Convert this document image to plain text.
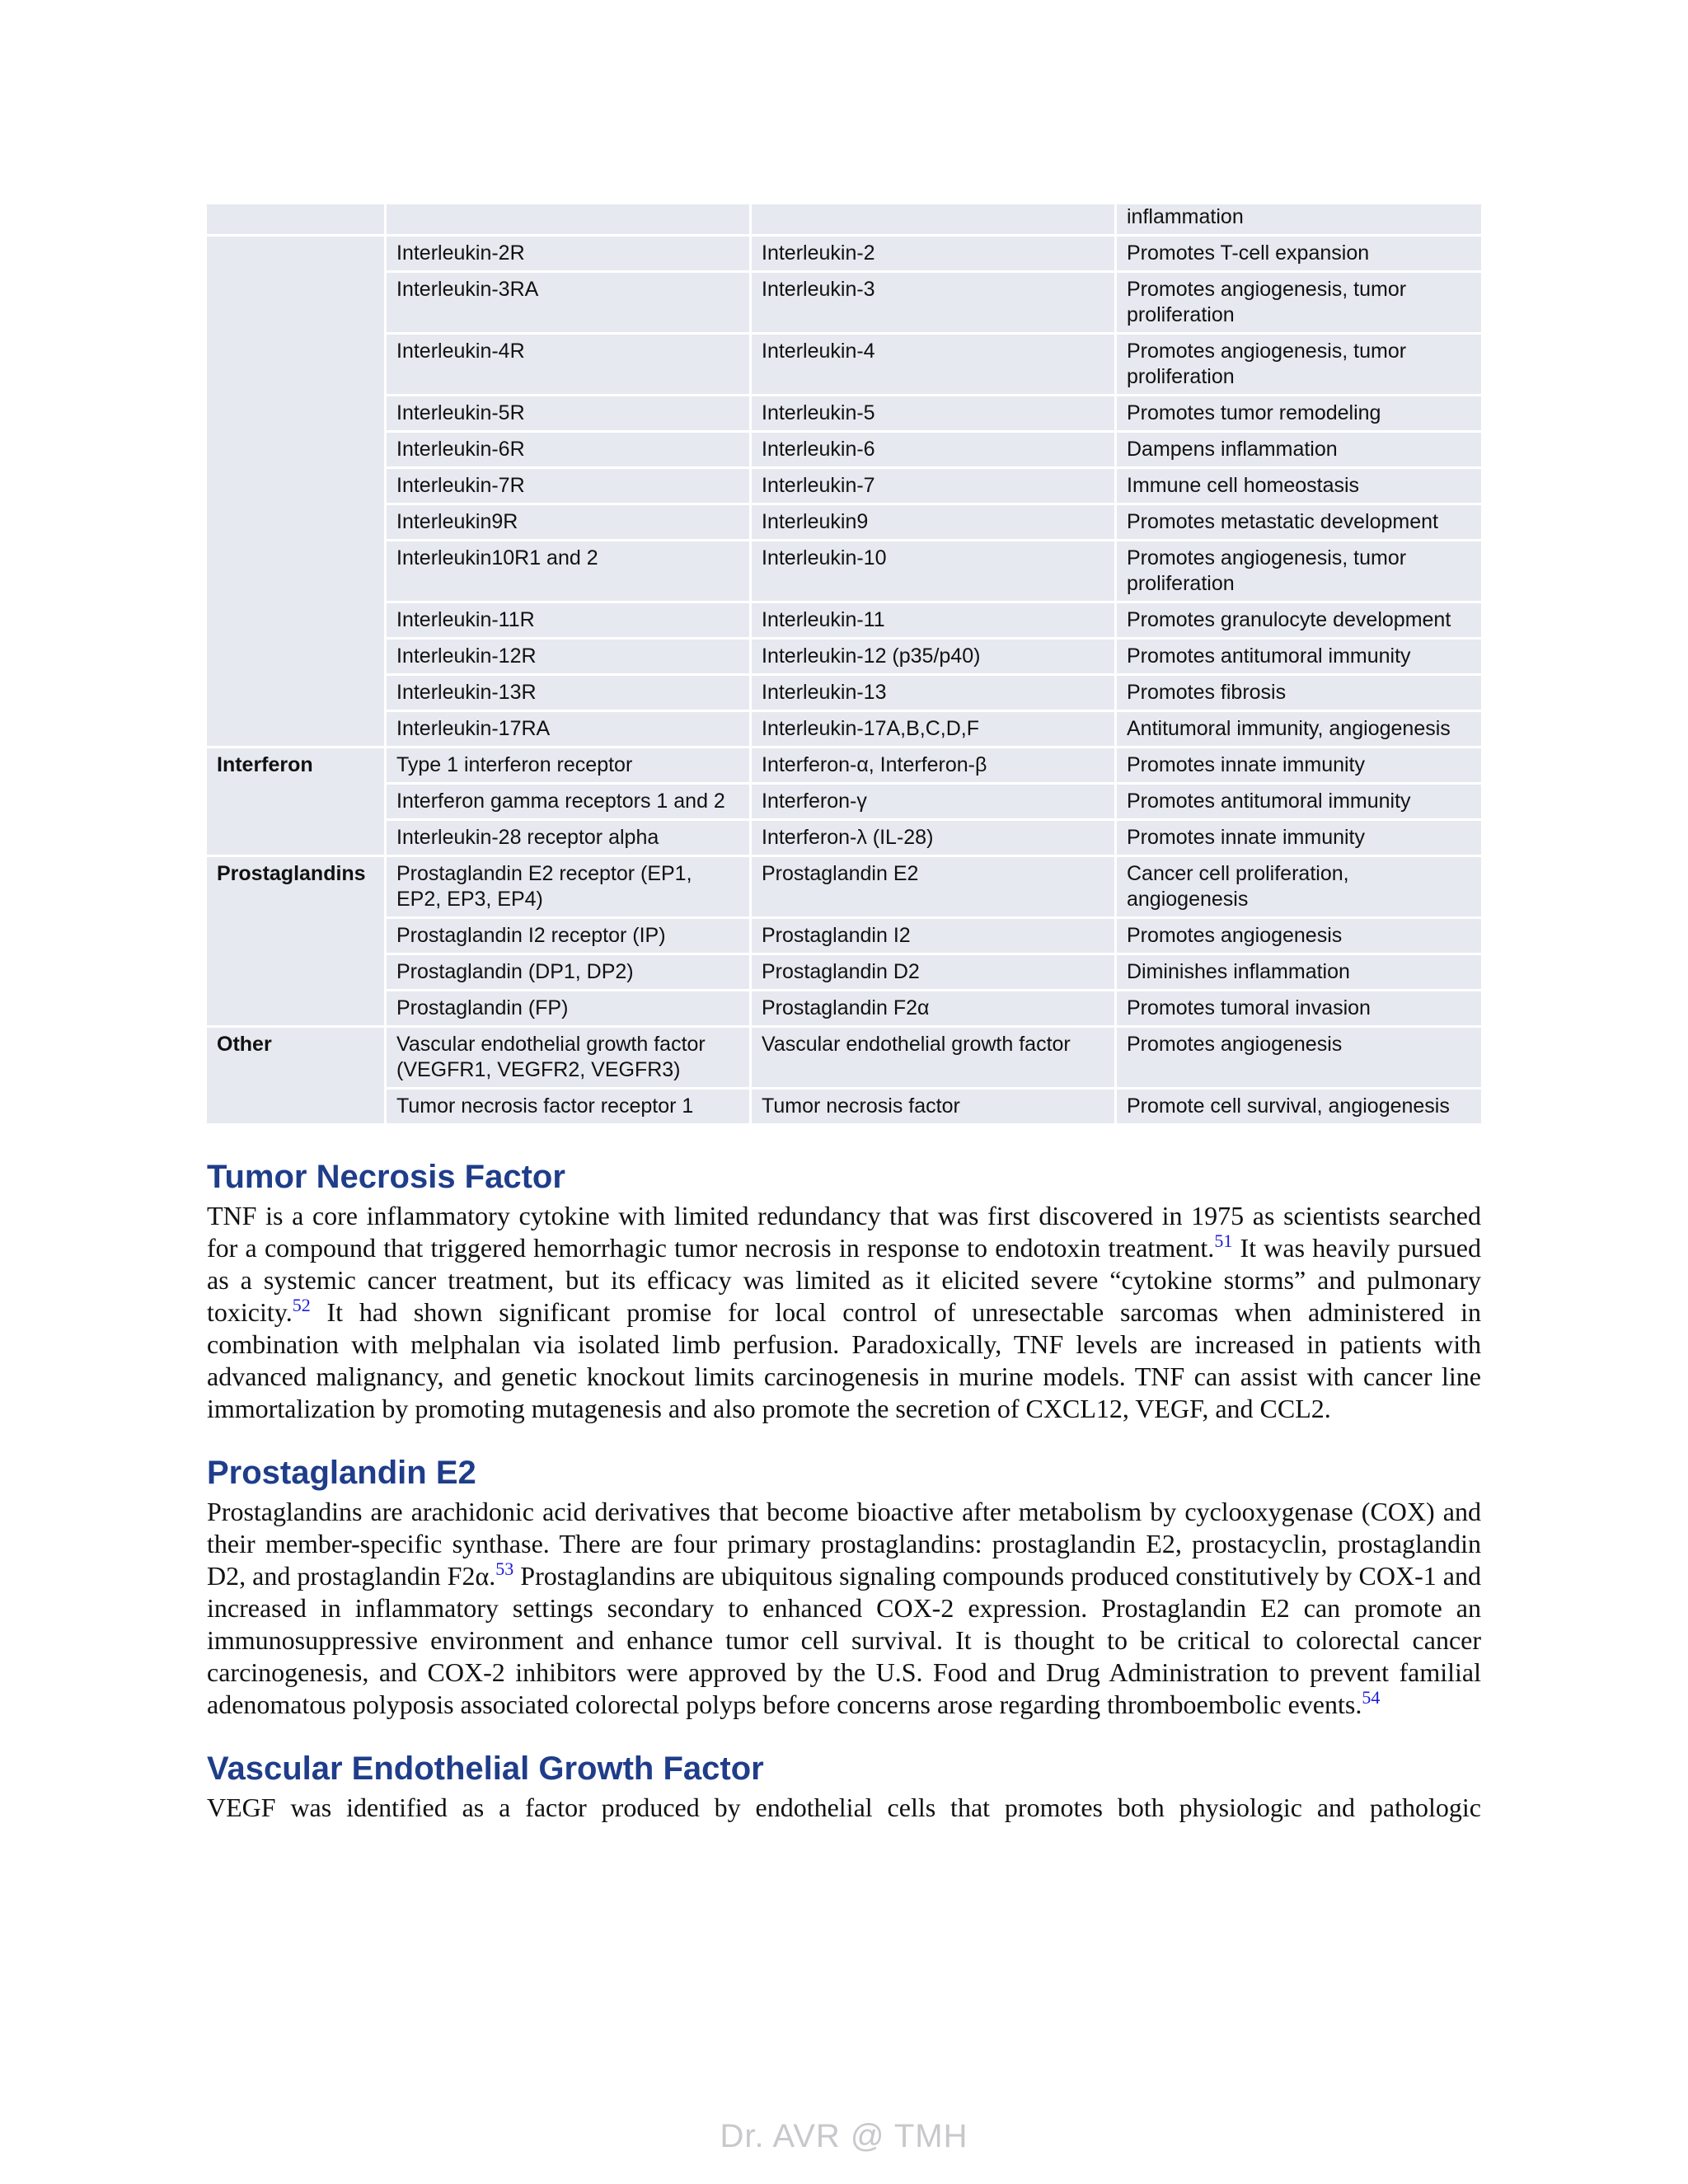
			inflammation
	Interleukin-2R	Interleukin-2	Promotes T-cell expansion
	Interleukin-3RA	Interleukin-3	Promotes angiogenesis, tumor proliferation
	Interleukin-4R	Interleukin-4	Promotes angiogenesis, tumor proliferation
	Interleukin-5R	Interleukin-5	Promotes tumor remodeling
	Interleukin-6R	Interleukin-6	Dampens inflammation
	Interleukin-7R	Interleukin-7	Immune cell homeostasis
	Interleukin9R	Interleukin9	Promotes metastatic development
	Interleukin10R1 and 2	Interleukin-10	Promotes angiogenesis, tumor proliferation
	Interleukin-11R	Interleukin-11	Promotes granulocyte development
	Interleukin-12R	Interleukin-12 (p35/p40)	Promotes antitumoral immunity
	Interleukin-13R	Interleukin-13	Promotes fibrosis
	Interleukin-17RA	Interleukin-17A,B,C,D,F	Antitumoral immunity, angiogenesis
Interferon	Type 1 interferon receptor	Interferon-α, Interferon-β	Promotes innate immunity
	Interferon gamma receptors 1 and 2	Interferon-γ	Promotes antitumoral immunity
	Interleukin-28 receptor alpha	Interferon-λ (IL-28)	Promotes innate immunity
Prostaglandins	Prostaglandin E2 receptor (EP1, EP2, EP3, EP4)	Prostaglandin E2	Cancer cell proliferation, angiogenesis
	Prostaglandin I2 receptor (IP)	Prostaglandin I2	Promotes angiogenesis
	Prostaglandin (DP1, DP2)	Prostaglandin D2	Diminishes inflammation
	Prostaglandin (FP)	Prostaglandin F2α	Promotes tumoral invasion
Other	Vascular endothelial growth factor (VEGFR1, VEGFR2, VEGFR3)	Vascular endothelial growth factor	Promotes angiogenesis
	Tumor necrosis factor receptor 1	Tumor necrosis factor	Promote cell survival, angiogenesis
Tumor Necrosis Factor

TNF is a core inflammatory cytokine with limited redundancy that was first discovered in 1975 as scientists searched for a compound that triggered hemorrhagic tumor necrosis in response to endotoxin treatment.$^{51}$ It was heavily pursued as a systemic cancer treatment, but its efficacy was limited as it elicited severe “cytokine storms” and pulmonary toxicity.$^{52}$ It had shown significant promise for local control of unresectable sarcomas when administered in combination with melphalan via isolated limb perfusion. Paradoxically, TNF levels are increased in patients with advanced malignancy, and genetic knockout limits carcinogenesis in murine models. TNF can assist with cancer line immortalization by promoting mutagenesis and also promote the secretion of CXCL12, VEGF, and CCL2.

Prostaglandin E2

Prostaglandins are arachidonic acid derivatives that become bioactive after metabolism by cyclooxygenase (COX) and their member-specific synthase. There are four primary prostaglandins: prostaglandin E2, prostacyclin, prostaglandin D2, and prostaglandin F2α.$^{53}$ Prostaglandins are ubiquitous signaling compounds produced constitutively by COX-1 and increased in inflammatory settings secondary to enhanced COX-2 expression. Prostaglandin E2 can promote an immunosuppressive environment and enhance tumor cell survival. It is thought to be critical to colorectal cancer carcinogenesis, and COX-2 inhibitors were approved by the U.S. Food and Drug Administration to prevent familial adenomatous polyposis associated colorectal polyps before concerns arose regarding thromboembolic events.$^{54}$

Vascular Endothelial Growth Factor

VEGF was identified as a factor produced by endothelial cells that promotes both physiologic and pathologic

Dr. AVR @ TMH
